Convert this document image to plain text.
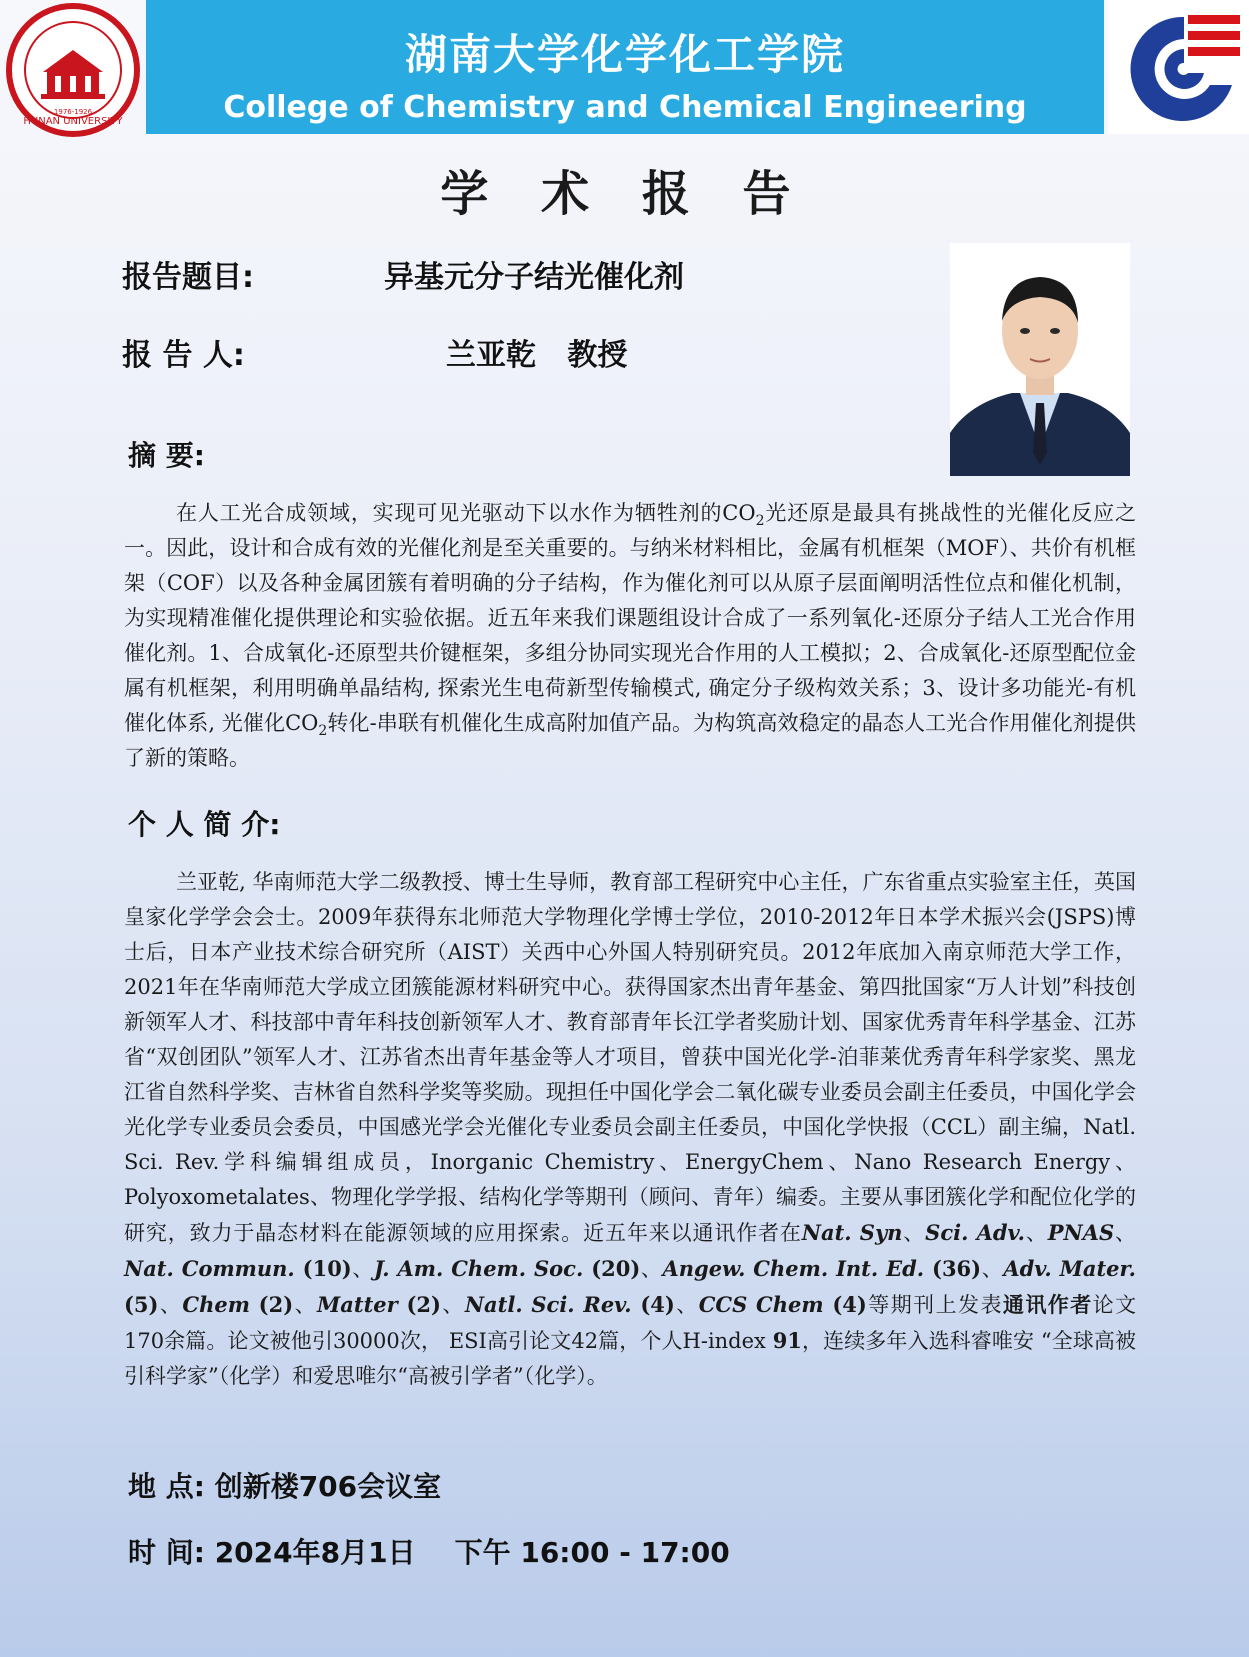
HUNAN UNIVERSITY
1976-1926
湖南大学化学化工学院
College of Chemistry and Chemical Engineering
学 术 报 告
报告题目:	异基元分子结光催化剂
报 告 人:	兰亚乾   教授
摘 要:
在人工光合成领域，实现可见光驱动下以水作为牺牲剂的$CO_2$光还原是最具有挑战性的光催化反应之一。因此，设计和合成有效的光催化剂是至关重要的。与纳米材料相比，金属有机框架（MOF）、共价有机框架（COF）以及各种金属团簇有着明确的分子结构，作为催化剂可以从原子层面阐明活性位点和催化机制，为实现精准催化提供理论和实验依据。近五年来我们课题组设计合成了一系列氧化-还原分子结人工光合作用催化剂。1、合成氧化-还原型共价键框架，多组分协同实现光合作用的人工模拟；2、合成氧化-还原型配位金属有机框架，利用明确单晶结构, 探索光生电荷新型传输模式, 确定分子级构效关系；3、设计多功能光-有机催化体系, 光催化$CO_2$转化-串联有机催化生成高附加值产品。为构筑高效稳定的晶态人工光合作用催化剂提供了新的策略。
个 人 简 介:
兰亚乾, 华南师范大学二级教授、博士生导师，教育部工程研究中心主任，广东省重点实验室主任，英国皇家化学学会会士。2009年获得东北师范大学物理化学博士学位，2010-2012年日本学术振兴会(JSPS)博士后，日本产业技术综合研究所（AIST）关西中心外国人特别研究员。2012年底加入南京师范大学工作，2021年在华南师范大学成立团簇能源材料研究中心。获得国家杰出青年基金、第四批国家“万人计划”科技创新领军人才、科技部中青年科技创新领军人才、教育部青年长江学者奖励计划、国家优秀青年科学基金、江苏省“双创团队”领军人才、江苏省杰出青年基金等人才项目，曾获中国光化学-泊菲莱优秀青年科学家奖、黑龙江省自然科学奖、吉林省自然科学奖等奖励。现担任中国化学会二氧化碳专业委员会副主任委员，中国化学会光化学专业委员会委员，中国感光学会光催化专业委员会副主任委员，中国化学快报（CCL）副主编，Natl. Sci. Rev.学科编辑组成员，Inorganic Chemistry、EnergyChem、Nano Research Energy、 Polyoxometalates、物理化学学报、结构化学等期刊（顾问、青年）编委。主要从事团簇化学和配位化学的研究，致力于晶态材料在能源领域的应用探索。近五年来以通讯作者在Nat. Syn、Sci. Adv.、PNAS、Nat. Commun. (10)、J. Am. Chem. Soc. (20)、Angew. Chem. Int. Ed. (36)、Adv. Mater. (5)、Chem (2)、Matter (2)、Natl. Sci. Rev. (4)、CCS Chem (4)等期刊上发表通讯作者论文170余篇。论文被他引30000次， ESI高引论文42篇，个人H-index 91，连续多年入选科睿唯安 “全球高被引科学家”（化学）和爱思唯尔“高被引学者”（化学）。
地 点: 创新楼706会议室
时 间: 2024年8月1日    下午 16:00 - 17:00
